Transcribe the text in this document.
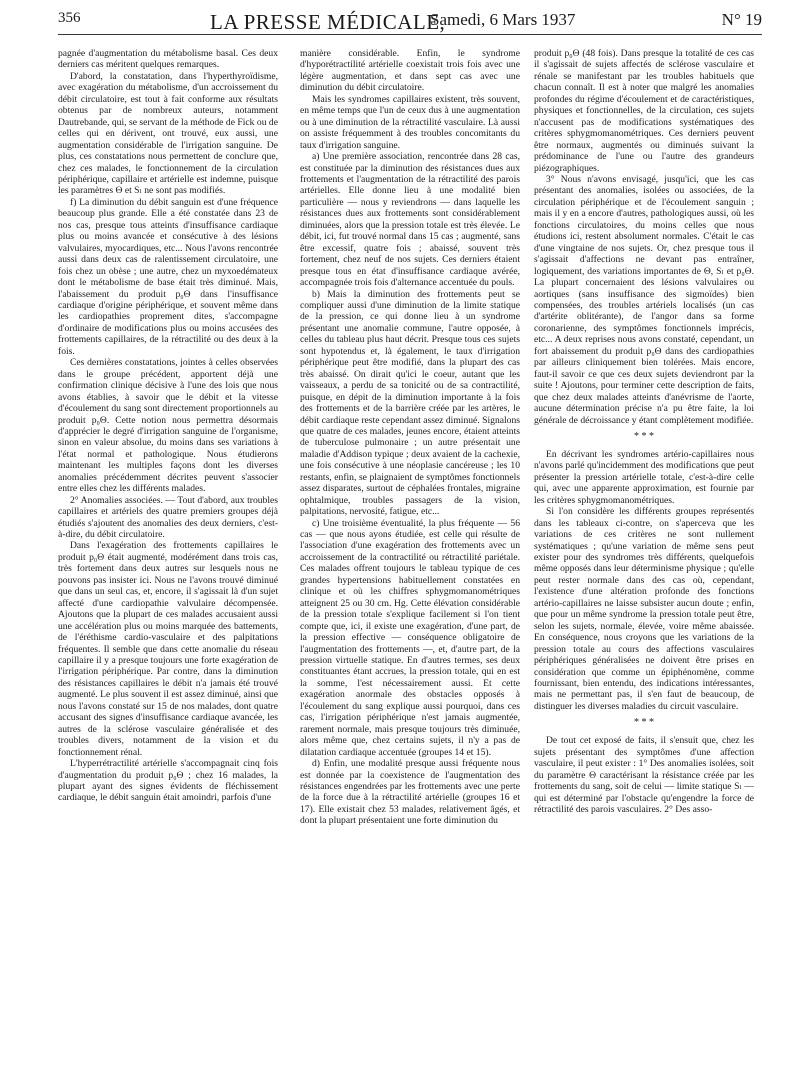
356	LA PRESSE MÉDICALE,
Samedi, 6 Mars 1937	N° 19

pagnée d'augmentation du métabolisme basal. Ces deux derniers cas méritent quelques remarques.

D'abord, la constatation, dans l'hyperthyroïdisme, avec exagération du métabolisme, d'un accroissement du débit circulatoire, est tout à fait conforme aux résultats obtenus par de nombreux auteurs, notamment Dautrebande, qui, se servant de la méthode de Fick ou de celles qui en dérivent, ont trouvé, eux aussi, une augmentation considérable de l'irrigation sanguine. De plus, ces constatations nous permettent de conclure que, chez ces malades, le fonctionnement de la circulation périphérique, capillaire et artérielle est indemne, puisque les paramètres Θ et Sₗ ne sont pas modifiés.

f) La diminution du débit sanguin est d'une fréquence beaucoup plus grande. Elle a été constatée dans 23 de nos cas, presque tous atteints d'insuffisance cardiaque plus ou moins avancée et consécutive à des lésions valvulaires, myocardiques, etc... Nous l'avons rencontrée aussi dans deux cas de ralentissement circulatoire, une fois chez un obèse ; une autre, chez un myxoedémateux dont le métabolisme de base était très diminué. Mais, l'abaissement du produit p₀Θ dans l'insuffisance cardiaque d'origine périphérique, et souvent même dans les cardiopathies proprement dites, s'accompagne d'ordinaire de modifications plus ou moins accusées des frottements capillaires, de la rétractilité ou des deux à la fois.

Ces dernières constatations, jointes à celles observées dans le groupe précédent, apportent déjà une confirmation clinique décisive à l'une des lois que nous avons établies, à savoir que le débit et la vitesse d'écoulement du sang sont directement proportionnels au produit p₀Θ. Cette notion nous permettra désormais d'apprécier le degré d'irrigation sanguine de l'organisme, sinon en valeur absolue, du moins dans ses variations à l'état normal et pathologique. Nous étudierons maintenant les multiples façons dont les diverses anomalies précédemment décrites peuvent s'associer entre elles chez les différents malades.

2° Anomalies associées. — Tout d'abord, aux troubles capillaires et artériels des quatre premiers groupes déjà étudiés s'ajoutent des anomalies des deux derniers, c'est-à-dire, du débit circulatoire.

Dans l'exagération des frottements capillaires le produit p₀Θ était augmenté, modérément dans trois cas, très fortement dans deux autres sur lesquels nous ne pouvons pas insister ici. Nous ne l'avons trouvé diminué que dans un seul cas, et, encore, il s'agissait là d'un sujet affecté d'une cardiopathie valvulaire décompensée. Ajoutons que la plupart de ces malades accusaient aussi une accélération plus ou moins marquée des battements, de l'éréthisme cardio-vasculaire et des palpitations fréquentes. Il semble que dans cette anomalie du réseau capillaire il y a presque toujours une forte exagération de l'irrigation périphérique. Par contre, dans la diminution des résistances capillaires le débit n'a jamais été trouvé augmenté. Le plus souvent il est assez diminué, ainsi que nous l'avons constaté sur 15 de nos malades, dont quatre accusant des signes d'insuffisance cardiaque avancée, les autres de la sclérose vasculaire généralisée et des troubles divers, notamment de la vision et du fonctionnement rénal.

L'hyperrétractilité artérielle s'accompagnait cinq fois d'augmentation du produit p₀Θ ; chez 16 malades, la plupart ayant des signes évidents de fléchissement cardiaque, le débit sanguin était amoindri, parfois d'une

manière considérable. Enfin, le syndrome d'hyporétractilité artérielle coexistait trois fois avec une légère augmentation, et dans sept cas avec une diminution du débit circulatoire.

Mais les syndromes capillaires existent, très souvent, en même temps que l'un de ceux dus à une augmentation ou à une diminution de la rétractilité vasculaire. Là aussi on assiste fréquemment à des troubles concomitants du taux d'irrigation sanguine.

a) Une première association, rencontrée dans 28 cas, est constituée par la diminution des résistances dues aux frottements et l'augmentation de la rétractilité des parois artérielles. Elle donne lieu à une modalité bien particulière — nous y reviendrons — dans laquelle les résistances dues aux frottements sont considérablement diminuées, alors que la pression totale est très élevée. Le débit, ici, fut trouvé normal dans 15 cas ; augmenté, sans être excessif, quatre fois ; abaissé, souvent très fortement, chez neuf de nos sujets. Ces derniers étaient presque tous en état d'insuffisance cardiaque avérée, accompagnée trois fois d'alternance accentuée du pouls.

b) Mais la diminution des frottements peut se compliquer aussi d'une diminution de la limite statique de la pression, ce qui donne lieu à un syndrome présentant une anomalie commune, l'autre opposée, à celles du tableau plus haut décrit. Presque tous ces sujets sont hypotendus et, là également, le taux d'irrigation périphérique peut être modifié, dans la plupart des cas très abaissé. On dirait qu'ici le coeur, autant que les vaisseaux, a perdu de sa tonicité ou de sa contractilité, puisque, en dépit de la diminution importante à la fois des frottements et de la barrière créée par les artères, le débit cardiaque reste cependant assez diminué. Signalons que quatre de ces malades, jeunes encore, étaient atteints de tuberculose pulmonaire ; un autre présentait une maladie d'Addison typique ; deux avaient de la cachexie, une fois consécutive à une néoplasie cancéreuse ; les 10 restants, enfin, se plaignaient de symptômes fonctionnels assez disparates, surtout de céphalées frontales, migraine ophtalmique, troubles passagers de la vision, palpitations, nervosité, fatigue, etc...

c) Une troisième éventualité, la plus fréquente — 56 cas — que nous ayons étudiée, est celle qui résulte de l'association d'une exagération des frottements avec un accroissement de la contractilité ou rétractilité pariétale. Ces malades offrent toujours le tableau typique de ces grandes hypertensions habituellement constatées en clinique et où les chiffres sphygmomanométriques atteignent 25 ou 30 cm. Hg. Cette élévation considérable de la pression totale s'explique facilement si l'on tient compte que, ici, il existe une exagération, d'une part, de la pression effective — conséquence obligatoire de l'augmentation des frottements —, et, d'autre part, de la pression virtuelle statique. En d'autres termes, ses deux constituantes étant accrues, la pression totale, qui en est la somme, l'est nécessairement aussi. Et cette exagération anormale des obstacles opposés à l'écoulement du sang explique aussi pourquoi, dans ces cas, l'irrigation périphérique n'est jamais augmentée, rarement normale, mais presque toujours très diminuée, alors même que, chez certains sujets, il n'y a pas de dilatation cardiaque accentuée (groupes 14 et 15).

d) Enfin, une modalité presque aussi fréquente nous est donnée par la coexistence de l'augmentation des résistances engendrées par les frottements avec une perte de la force due à la rétractilité artérielle (groupes 16 et 17). Elle existait chez 53 malades, relativement âgés, et dont la plupart présentaient une forte diminution du

produit p₀Θ (48 fois). Dans presque la totalité de ces cas il s'agissait de sujets affectés de sclérose vasculaire et rénale se manifestant par les troubles habituels que chacun connaît. Il est à noter que malgré les anomalies profondes du régime d'écoulement et de caractéristiques, physiques et fonctionnelles, de la circulation, ces sujets n'accusent pas de modifications systématiques des critères sphygmomanométriques. Ces derniers peuvent être normaux, augmentés ou diminués suivant la prédominance de l'une ou l'autre des grandeurs piézographiques.

3° Nous n'avons envisagé, jusqu'ici, que les cas présentant des anomalies, isolées ou associées, de la circulation périphérique et de l'écoulement sanguin ; mais il y en a encore d'autres, pathologiques aussi, où les fonctions circulatoires, du moins celles que nous étudions ici, restent absolument normales. C'était le cas d'une vingtaine de nos sujets. Or, chez presque tous il s'agissait d'affections ne devant pas entraîner, logiquement, des variations importantes de Θ, Sₗ et p₀Θ. La plupart concernaient des lésions valvulaires ou aortiques (sans insuffisance des sigmoïdes) bien compensées, des troubles artériels localisés (un cas d'artérite oblitérante), de l'angor dans sa forme coronarienne, des symptômes fonctionnels imprécis, etc... A deux reprises nous avons constaté, cependant, un fort abaissement du produit p₀Θ dans des cardiopathies par ailleurs cliniquement bien tolérées. Mais encore, faut-il savoir ce que ces deux sujets deviendront par la suite ! Ajoutons, pour terminer cette description de faits, que chez deux malades atteints d'anévrisme de l'aorte, aucune détermination précise n'a pu être faite, la loi générale de décroissance y étant complètement modifiée.

* * *

En décrivant les syndromes artério-capillaires nous n'avons parlé qu'incidemment des modifications que peut présenter la pression artérielle totale, c'est-à-dire celle qui, avec une apparente approximation, est fournie par les critères sphygmomanométriques.

Si l'on considère les différents groupes représentés dans les tableaux ci-contre, on s'aperceva que les variations de ces critères ne sont nullement systématiques ; qu'une variation de même sens peut exister pour des syndromes très différents, quelquefois même opposés dans leur déterminisme physique ; qu'elle peut rester normale dans des cas où, cependant, l'existence d'une altération profonde des fonctions artério-capillaires ne laisse subsister aucun doute ; enfin, que pour un même syndrome la pression totale peut être, selon les sujets, normale, élevée, voire même abaissée. En conséquence, nous croyons que les variations de la pression totale au cours des affections vasculaires périphériques généralisées ne doivent être prises en considération que comme un épiphénomène, comme fournissant, bien entendu, des indications intéressantes, mais ne permettant pas, il s'en faut de beaucoup, de distinguer les diverses maladies du circuit vasculaire.

* * *

De tout cet exposé de faits, il s'ensuit que, chez les sujets présentant des symptômes d'une affection vasculaire, il peut exister : 1° Des anomalies isolées, soit du paramètre Θ caractérisant la résistance créée par les frottements du sang, soit de celui — limite statique Sₗ — qui est déterminé par l'obstacle qu'engendre la force de rétractilité des parois vasculaires. 2° Des asso-
